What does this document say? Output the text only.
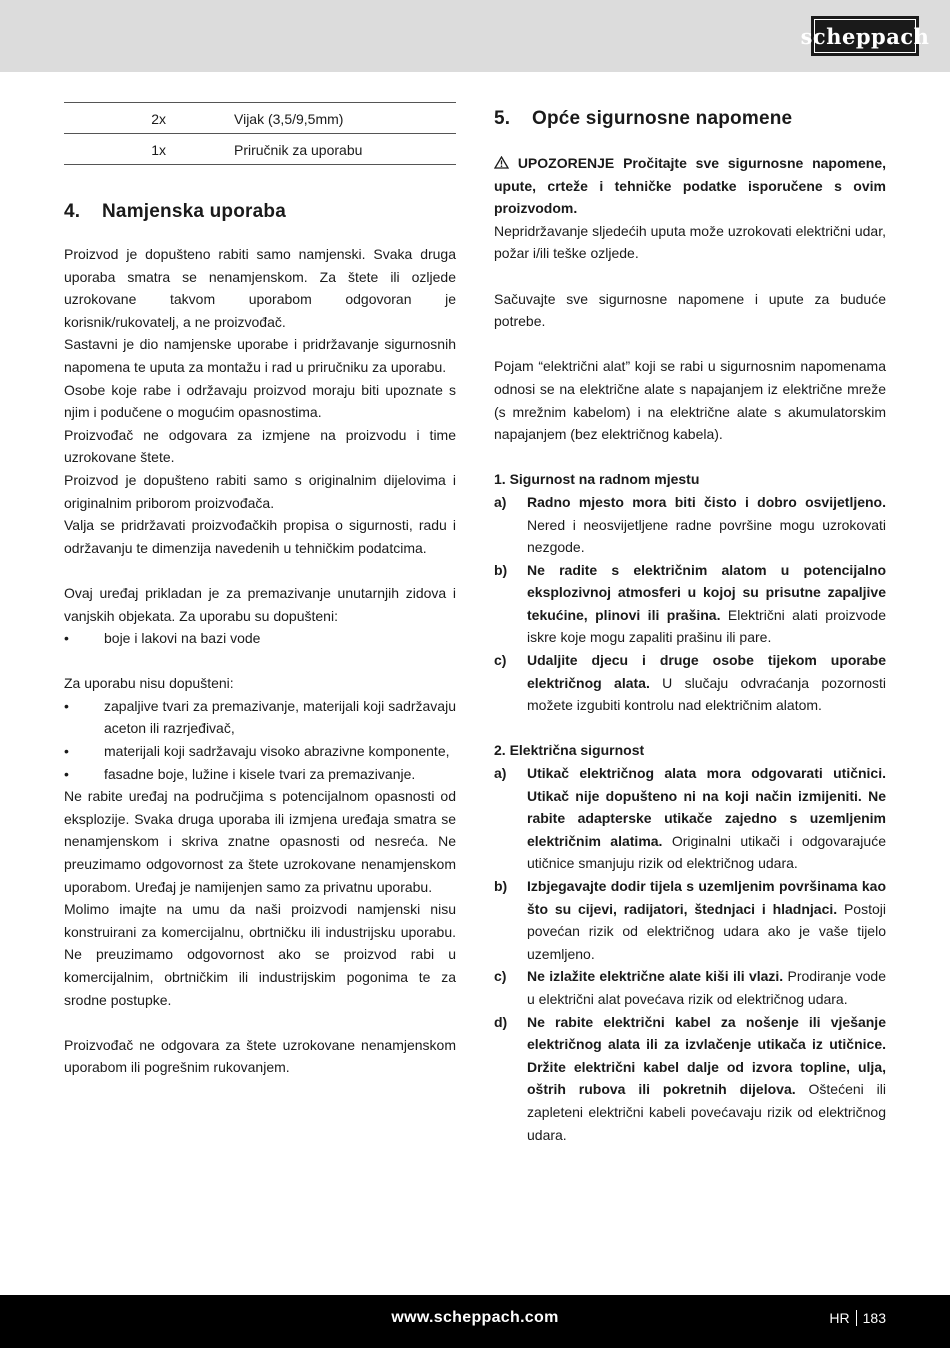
scheppach
2x	Vijak (3,5/9,5mm)
1x	Priručnik za uporabu
4. Namjenska uporaba

Proizvod je dopušteno rabiti samo namjenski. Svaka druga uporaba smatra se nenamjenskom. Za štete ili ozljede uzrokovane takvom uporabom odgovoran je korisnik/rukovatelj, a ne proizvođač.

Sastavni je dio namjenske uporabe i pridržavanje sigurnosnih napomena te uputa za montažu i rad u priručniku za uporabu.

Osobe koje rabe i održavaju proizvod moraju biti upoznate s njim i podučene o mogućim opasnostima.

Proizvođač ne odgovara za izmjene na proizvodu i time uzrokovane štete.

Proizvod je dopušteno rabiti samo s originalnim dijelovima i originalnim priborom proizvođača.

Valja se pridržavati proizvođačkih propisa o sigurnosti, radu i održavanju te dimenzija navedenih u tehničkim podatcima.

Ovaj uređaj prikladan je za premazivanje unutarnjih zidova i vanjskih objekata. Za uporabu su dopušteni:

•	boje i lakovi na bazi vode

Za uporabu nisu dopušteni:

•	zapaljive tvari za premazivanje, materijali koji sadržavaju aceton ili razrjeđivač,
•	materijali koji sadržavaju visoko abrazivne komponente,
•	fasadne boje, lužine i kisele tvari za premazivanje.

Ne rabite uređaj na područjima s potencijalnom opasnosti od eksplozije. Svaka druga uporaba ili izmjena uređaja smatra se nenamjenskom i skriva znatne opasnosti od nesreća. Ne preuzimamo odgovornost za štete uzrokovane nenamjenskom uporabom. Uređaj je namijenjen samo za privatnu uporabu.

Molimo imajte na umu da naši proizvodi namjenski nisu konstruirani za komercijalnu, obrtničku ili industrijsku uporabu. Ne preuzimamo odgovornost ako se proizvod rabi u komercijalnim, obrtničkim ili industrijskim pogonima te za srodne postupke.

Proizvođač ne odgovara za štete uzrokovane nenamjenskom uporabom ili pogrešnim rukovanjem.

5. Opće sigurnosne napomene

UPOZORENJE Pročitajte sve sigurnosne napomene, upute, crteže i tehničke podatke isporučene s ovim proizvodom.

Nepridržavanje sljedećih uputa može uzrokovati električni udar, požar i/ili teške ozljede.

Sačuvajte sve sigurnosne napomene i upute za buduće potrebe.

Pojam “električni alat” koji se rabi u sigurnosnim napomenama odnosi se na električne alate s napajanjem iz električne mreže (s mrežnim kabelom) i na električne alate s akumulatorskim napajanjem (bez električnog kabela).

1. Sigurnost na radnom mjestu
a)	Radno mjesto mora biti čisto i dobro osvijetljeno. Nered i neosvijetljene radne površine mogu uzrokovati nezgode.
b)	Ne radite s električnim alatom u potencijalno eksplozivnoj atmosferi u kojoj su prisutne zapaljive tekućine, plinovi ili prašina. Električni alati proizvode iskre koje mogu zapaliti prašinu ili pare.
c)	Udaljite djecu i druge osobe tijekom uporabe električnog alata. U slučaju odvraćanja pozornosti možete izgubiti kontrolu nad električnim alatom.
2. Električna sigurnost
a)	Utikač električnog alata mora odgovarati utičnici. Utikač nije dopušteno ni na koji način izmijeniti. Ne rabite adapterske utikače zajedno s uzemljenim električnim alatima. Originalni utikači i odgovarajuće utičnice smanjuju rizik od električnog udara.
b)	Izbjegavajte dodir tijela s uzemljenim površinama kao što su cijevi, radijatori, štednjaci i hladnjaci. Postoji povećan rizik od električnog udara ako je vaše tijelo uzemljeno.
c)	Ne izlažite električne alate kiši ili vlazi. Prodiranje vode u električni alat povećava rizik od električnog udara.
d)	Ne rabite električni kabel za nošenje ili vješanje električnog alata ili za izvlačenje utikača iz utičnice. Držite električni kabel dalje od izvora topline, ulja, oštrih rubova ili pokretnih dijelova. Oštećeni ili zapleteni električni kabeli povećavaju rizik od električnog udara.
www.scheppach.com	HR 183
